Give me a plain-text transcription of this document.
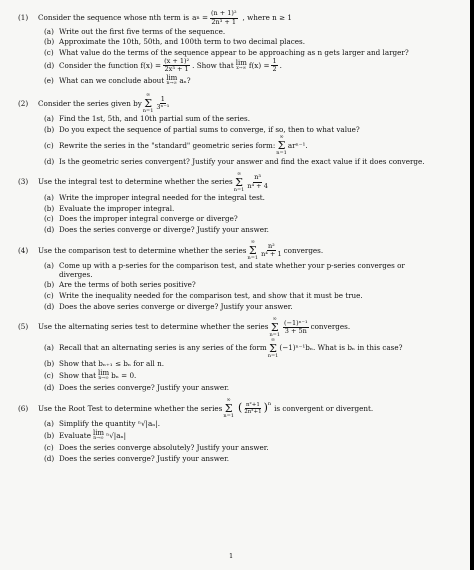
(1)	Consider the sequence whose nth term is a $n = \frac{\text{(n + 1)²}}{\text{2n³ + 1}}$ , where n ≥ 1
(a) Write out the first five terms of the sequence.
(b) Approximate the 10th, 50th, and 100th term to two decimal places.
(c) What value do the terms of the sequence appear to be approaching as n gets larger and larger?
(d) Consider the function $f(x) = \frac{\text{(x + 1)²}}{\text{2x³ + 1}}$ . Show that lim
x→∞ $f(x) = \frac{1}{2}$ .
(e) What can we conclude about lim
n→∞ aₙ?
(2)	Consider the series given by
∞
Σ
$n=1 \frac{1}{\text{3ⁿ⁻¹}}$
(a) Find the 1st, 5th, and 10th partial sum of the series.
(b) Do you expect the sequence of partial sums to converge, if so, then to what value?
(c) Rewrite the series in the "standard" geometric series form:
∞
Σ
n=1
arⁿ⁻¹.
(d) Is the geometric series convergent? Justify your answer and find the exact value if it does converge.
(3)	Use the integral test to determine whether the series
∞
Σ
$n=1 \frac{\text{n³}}{\text{n⁴ + 4}}$
(a) Write the improper integral needed for the integral test.
(b) Evaluate the improper integral.
(c) Does the improper integral converge or diverge?
(d) Does the series converge or diverge? Justify your answer.
(4)	Use the comparison test to determine whether the series
∞
Σ
$n=1 \frac{\text{n²}}{\text{n⁴ + 1}}$ converges.
(a) Come up with a p-series for the comparison test, and state whether your p-series converges or
diverges.
(b) Are the terms of both series positive?
(c) Write the inequality needed for the comparison test, and show that it must be true.
(d) Does the above series converge or diverge? Justify your answer.
(5)	Use the alternating series test to determine whether the series
∞
Σ
$n=1 \frac{\text{(−1)ⁿ⁻¹}}{3 + 5n}$ converges.
(a) Recall that an alternating series is any series of the form
∞
Σ
n=1
(−1)ⁿ⁻¹bₙ. What is bₙ in this case?
(b) Show that bₙ₊₁ ≤ bₙ for all n.
(c) Show that lim
n→∞ bₙ = 0.
(d) Does the series converge? Justify your answer.
(6)	Use the Root Test to determine whether the series
∞
Σ
n=1
( $\frac{\text{n²+1}}{\text{2n²+1}} )^n$ is convergent or divergent.
(a) Simplify the quantity ⁿ√|aₙ|.
(b) Evaluate lim
n→∞ ⁿ√|aₙ|
(c) Does the series converge absolutely? Justify your answer.
(d) Does the series converge? Justify your answer.
1
